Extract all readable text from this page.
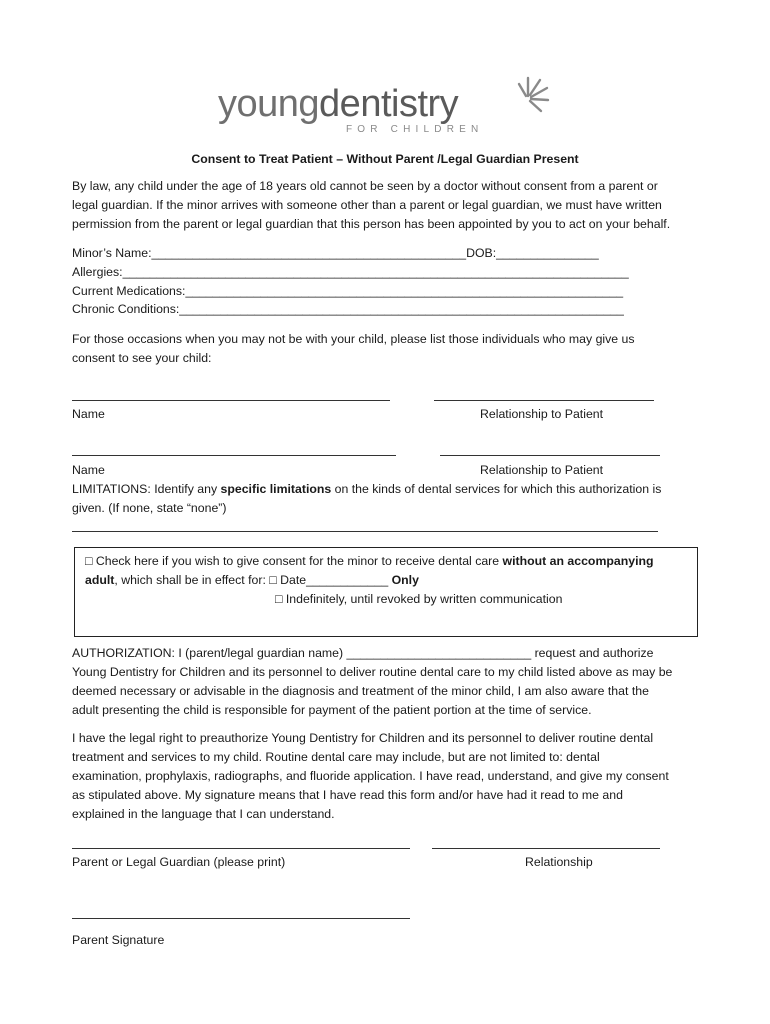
youngdentistry
FOR CHILDREN
Consent to Treat Patient – Without Parent /Legal Guardian Present
By law, any child under the age of 18 years old cannot be seen by a doctor without consent from a parent or
legal guardian. If the minor arrives with someone other than a parent or legal guardian, we must have written
permission from the parent or legal guardian that this person has been appointed by you to act on your behalf.
Minor’s Name:______________________________________________DOB:_______________
Allergies:__________________________________________________________________________
Current Medications:________________________________________________________________
Chronic Conditions:_________________________________________________________________
For those occasions when you may not be with your child, please list those individuals who may give us
consent to see your child:
Name	Relationship to Patient
Name	Relationship to Patient
LIMITATIONS: Identify any specific limitations on the kinds of dental services for which this authorization is
given. (If none, state “none”)
□ Check here if you wish to give consent for the minor to receive dental care without an accompanying
adult, which shall be in effect for: □ Date____________ Only
□ Indefinitely, until revoked by written communication
AUTHORIZATION: I (parent/legal guardian name) ___________________________ request and authorize
Young Dentistry for Children and its personnel to deliver routine dental care to my child listed above as may be
deemed necessary or advisable in the diagnosis and treatment of the minor child, I am also aware that the
adult presenting the child is responsible for payment of the patient portion at the time of service.
I have the legal right to preauthorize Young Dentistry for Children and its personnel to deliver routine dental
treatment and services to my child. Routine dental care may include, but are not limited to: dental
examination, prophylaxis, radiographs, and fluoride application. I have read, understand, and give my consent
as stipulated above. My signature means that I have read this form and/or have had it read to me and
explained in the language that I can understand.
Parent or Legal Guardian (please print)	Relationship
Parent Signature
